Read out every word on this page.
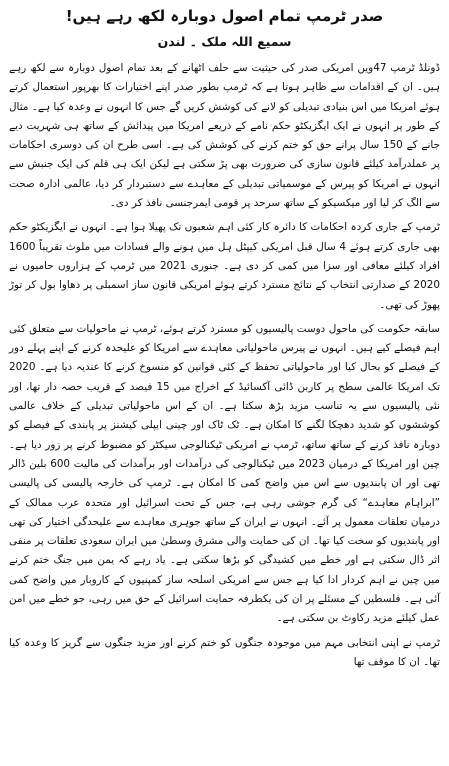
صدر ٹرمپ تمام اصول دوبارہ لکھ رہے ہیں!
سمیع اللہ ملک ۔ لندن

ڈونلڈ ٹرمپ 47ویں امریکی صدر کی حیثیت سے حلف اٹھانے کے بعد تمام اصول دوبارہ سے لکھ رہے ہیں۔ ان کے اقدامات سے ظاہر ہوتا ہے کہ ٹرمپ بطور صدر اپنے اختیارات کا بھرپور استعمال کرتے ہوئے امریکا میں اس بنیادی تبدیلی کو لانے کی کوشش کریں گے جس کا انہوں نے وعدہ کیا ہے۔ مثال کے طور پر انہوں نے ایک ایگزیکٹو حکم نامے کے ذریعے امریکا میں پیدائش کے ساتھ ہی شہریت دیے جانے کے 150 سال پرانے حق کو ختم کرنے کی کوشش کی ہے۔ اسی طرح ان کی دوسری احکامات پر عملدرآمد کیلئے قانون سازی کی ضرورت بھی پڑ سکتی ہے لیکن ایک ہی قلم کی ایک جنبش سے انہوں نے امریکا کو پیرس کے موسمیاتی تبدیلی کے معاہدے سے دستبردار کر دیا، عالمی ادارہ صحت سے الگ کر لیا اور میکسیکو کے ساتھ سرحد پر قومی ایمرجنسی نافذ کر دی۔

ٹرمپ کے جاری کردہ احکامات کا دائرہ کار کئی اہم شعبوں تک پھیلا ہوا ہے۔ انہوں نے ایگزیکٹو حکم بھی جاری کرتے ہوئے 4 سال قبل امریکی کیپٹل ہل میں ہونے والے فسادات میں ملوث تقریباً 1600 افراد کیلئے معافی اور سزا میں کمی کر دی ہے۔ جنوری 2021 میں ٹرمپ کے ہزاروں حامیوں نے 2020 کے صدارتی انتخاب کے نتائج مسترد کرتے ہوئے امریکی قانون ساز اسمبلی پر دھاوا بول کر توڑ پھوڑ کی تھی۔

سابقہ حکومت کی ماحول دوست پالیسیوں کو مسترد کرتے ہوئے، ٹرمپ نے ماحولیات سے متعلق کئی اہم فیصلے کیے ہیں۔ انہوں نے پیرس ماحولیاتی معاہدے سے امریکا کو علیحدہ کرنے کے اپنے پہلے دور کے فیصلے کو بحال کیا اور ماحولیاتی تحفظ کے کئی قوانین کو منسوخ کرنے کا عندیہ دیا ہے۔ 2020 تک امریکا عالمی سطح پر کاربن ڈائی آکسائیڈ کے اخراج میں 15 فیصد کے قریب حصہ دار تھا، اور نئی پالیسیوں سے یہ تناسب مزید بڑھ سکتا ہے۔ ان کے اس ماحولیاتی تبدیلی کے خلاف عالمی کوششوں کو شدید دھچکا لگنے کا امکان ہے۔ ٹک ٹاک اور چینی ایپلی کیشنز پر پابندی کے فیصلے کو دوبارہ نافذ کرنے کے ساتھ ساتھ، ٹرمپ نے امریکی ٹیکنالوجی سیکٹر کو مضبوط کرنے پر زور دیا ہے۔ چین اور امریکا کے درمیان 2023 میں ٹیکنالوجی کی درآمدات اور برآمدات کی مالیت 600 بلین ڈالر تھی اور ان پابندیوں سے اس میں واضح کمی کا امکان ہے۔ ٹرمپ کی خارجہ پالیسی کی پالیسی ”ابراہام معاہدے“ کی گرم جوشی رہی ہے، جس کے تحت اسرائیل اور متحدہ عرب ممالک کے درمیان تعلقات معمول پر آئے۔ انہوں نے ایران کے ساتھ جوہری معاہدے سے علیحدگی اختیار کی تھی اور پابندیوں کو سخت کیا تھا۔ ان کی حمایت والی مشرق وسطیٰ میں ایران سعودی تعلقات پر منفی اثر ڈال سکتی ہے اور خطے میں کشیدگی کو بڑھا سکتی ہے۔ یاد رہے کہ یمن میں جنگ ختم کرنے میں چین نے اہم کردار ادا کیا ہے جس سے امریکی اسلحہ ساز کمپنیوں کے کاروبار میں واضح کمی آئی ہے۔ فلسطین کے مسئلے پر ان کی یکطرفہ حمایت اسرائیل کے حق میں رہی، جو خطے میں امن عمل کیلئے مزید رکاوٹ بن سکتی ہے۔

ٹرمپ نے اپنی انتخابی مہم میں موجودہ جنگوں کو ختم کرنے اور مزید جنگوں سے گریز کا وعدہ کیا تھا۔ ان کا موقف تھا
